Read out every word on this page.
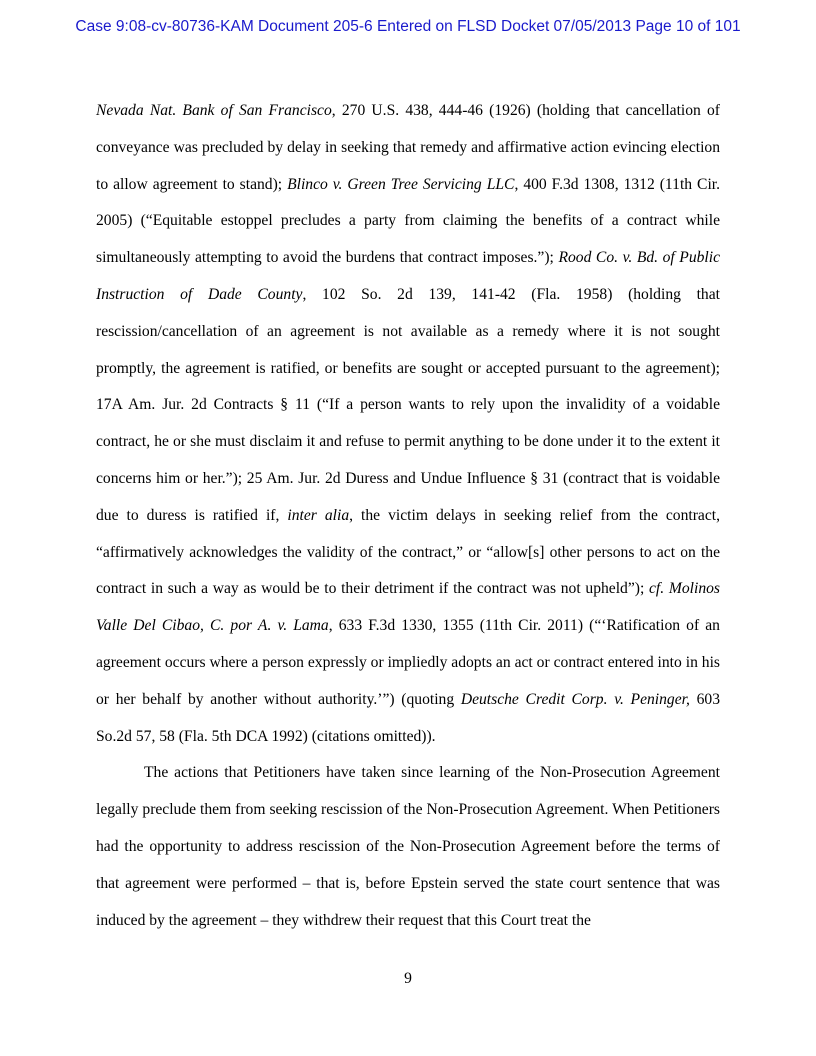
Case 9:08-cv-80736-KAM Document 205-6 Entered on FLSD Docket 07/05/2013 Page 10 of 101

Nevada Nat. Bank of San Francisco, 270 U.S. 438, 444-46 (1926) (holding that cancellation of conveyance was precluded by delay in seeking that remedy and affirmative action evincing election to allow agreement to stand); Blinco v. Green Tree Servicing LLC, 400 F.3d 1308, 1312 (11th Cir. 2005) (“Equitable estoppel precludes a party from claiming the benefits of a contract while simultaneously attempting to avoid the burdens that contract imposes.”); Rood Co. v. Bd. of Public Instruction of Dade County, 102 So. 2d 139, 141-42 (Fla. 1958) (holding that rescission/cancellation of an agreement is not available as a remedy where it is not sought promptly, the agreement is ratified, or benefits are sought or accepted pursuant to the agreement); 17A Am. Jur. 2d Contracts § 11 (“If a person wants to rely upon the invalidity of a voidable contract, he or she must disclaim it and refuse to permit anything to be done under it to the extent it concerns him or her.”); 25 Am. Jur. 2d Duress and Undue Influence § 31 (contract that is voidable due to duress is ratified if, inter alia, the victim delays in seeking relief from the contract, “affirmatively acknowledges the validity of the contract,” or “allow[s] other persons to act on the contract in such a way as would be to their detriment if the contract was not upheld”); cf. Molinos Valle Del Cibao, C. por A. v. Lama, 633 F.3d 1330, 1355 (11th Cir. 2011) (“‘Ratification of an agreement occurs where a person expressly or impliedly adopts an act or contract entered into in his or her behalf by another without authority.’”) (quoting Deutsche Credit Corp. v. Peninger, 603 So.2d 57, 58 (Fla. 5th DCA 1992) (citations omitted)).

The actions that Petitioners have taken since learning of the Non-Prosecution Agreement legally preclude them from seeking rescission of the Non-Prosecution Agreement. When Petitioners had the opportunity to address rescission of the Non-Prosecution Agreement before the terms of that agreement were performed – that is, before Epstein served the state court sentence that was induced by the agreement – they withdrew their request that this Court treat the

9
